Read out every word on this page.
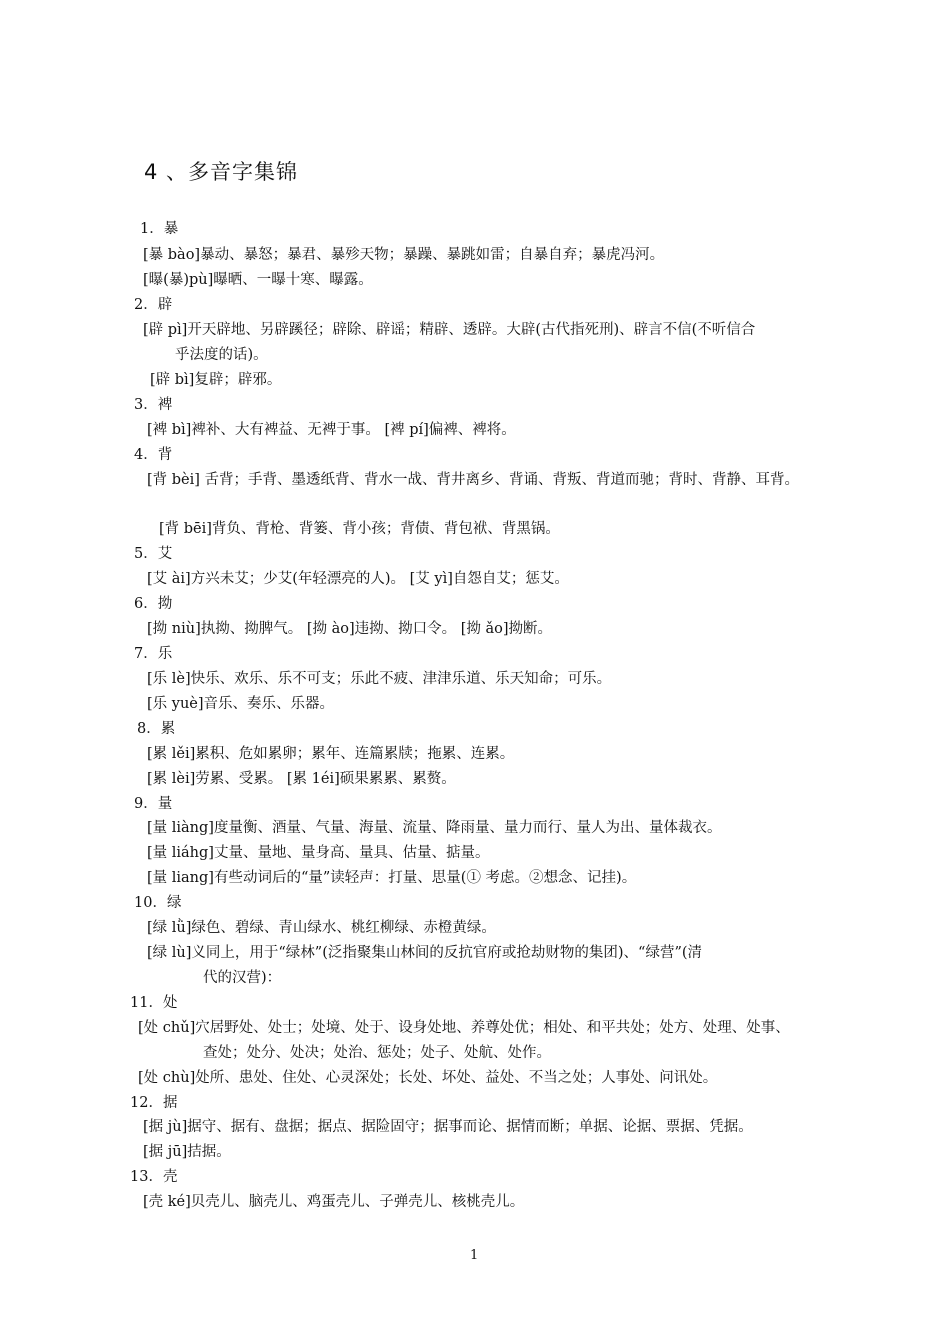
4 、多音字集锦
1．暴
[暴 bào]暴动、暴怒；暴君、暴殄天物；暴躁、暴跳如雷；自暴自弃；暴虎冯河。
[曝(暴)pù]曝晒、一曝十寒、曝露。
2．辟
[辟 pì]开天辟地、另辟蹊径；辟除、辟谣；精辟、透辟。大辟(古代指死刑)、辟言不信(不听信合
乎法度的话)。
[辟 bì]复辟；辟邪。
3．裨
[裨 bì]裨补、大有裨益、无裨于事。 [裨 pí]偏裨、裨将。
4．背
[背 bèi] 舌背；手背、墨透纸背、背水一战、背井离乡、背诵、背叛、背道而驰；背时、背静、耳背。
[背 bēi]背负、背枪、背篓、背小孩；背债、背包袱、背黑锅。
5．艾
[艾 ài]方兴未艾；少艾(年轻漂亮的人)。 [艾 yì]自怨自艾；惩艾。
6．拗
[拗 niù]执拗、拗脾气。 [拗 ào]违拗、拗口令。 [拗 ǎo]拗断。
7．乐
[乐 lè]快乐、欢乐、乐不可支；乐此不疲、津津乐道、乐天知命；可乐。
[乐 yuè]音乐、奏乐、乐器。
8．累
[累 lěi]累积、危如累卵；累年、连篇累牍；拖累、连累。
[累 lèi]劳累、受累。 [累 1éi]硕果累累、累赘。
9．量
[量 liàng]度量衡、酒量、气量、海量、流量、降雨量、量力而行、量人为出、量体裁衣。
[量 liáhg]丈量、量地、量身高、量具、估量、掂量。
[量 liang]有些动词后的“量”读轻声：打量、思量(① 考虑。②想念、记挂)。
10．绿
[绿 lǜ]绿色、碧绿、青山绿水、桃红柳绿、赤橙黄绿。
[绿 lù]义同上，用于“绿林”(泛指聚集山林间的反抗官府或抢劫财物的集团)、“绿营”(清
代的汉营)：
11．处
[处 chǔ]穴居野处、处士；处境、处于、设身处地、养尊处优；相处、和平共处；处方、处理、处事、
查处；处分、处决；处治、惩处；处子、处航、处作。
[处 chù]处所、患处、住处、心灵深处；长处、坏处、益处、不当之处；人事处、问讯处。
12．据
[据 jù]据守、据有、盘据；据点、据险固守；据事而论、据情而断；单据、论据、票据、凭据。
[据 jū]拮据。
13．壳
[壳 ké]贝壳儿、脑壳儿、鸡蛋壳儿、子弹壳儿、核桃壳儿。
1
